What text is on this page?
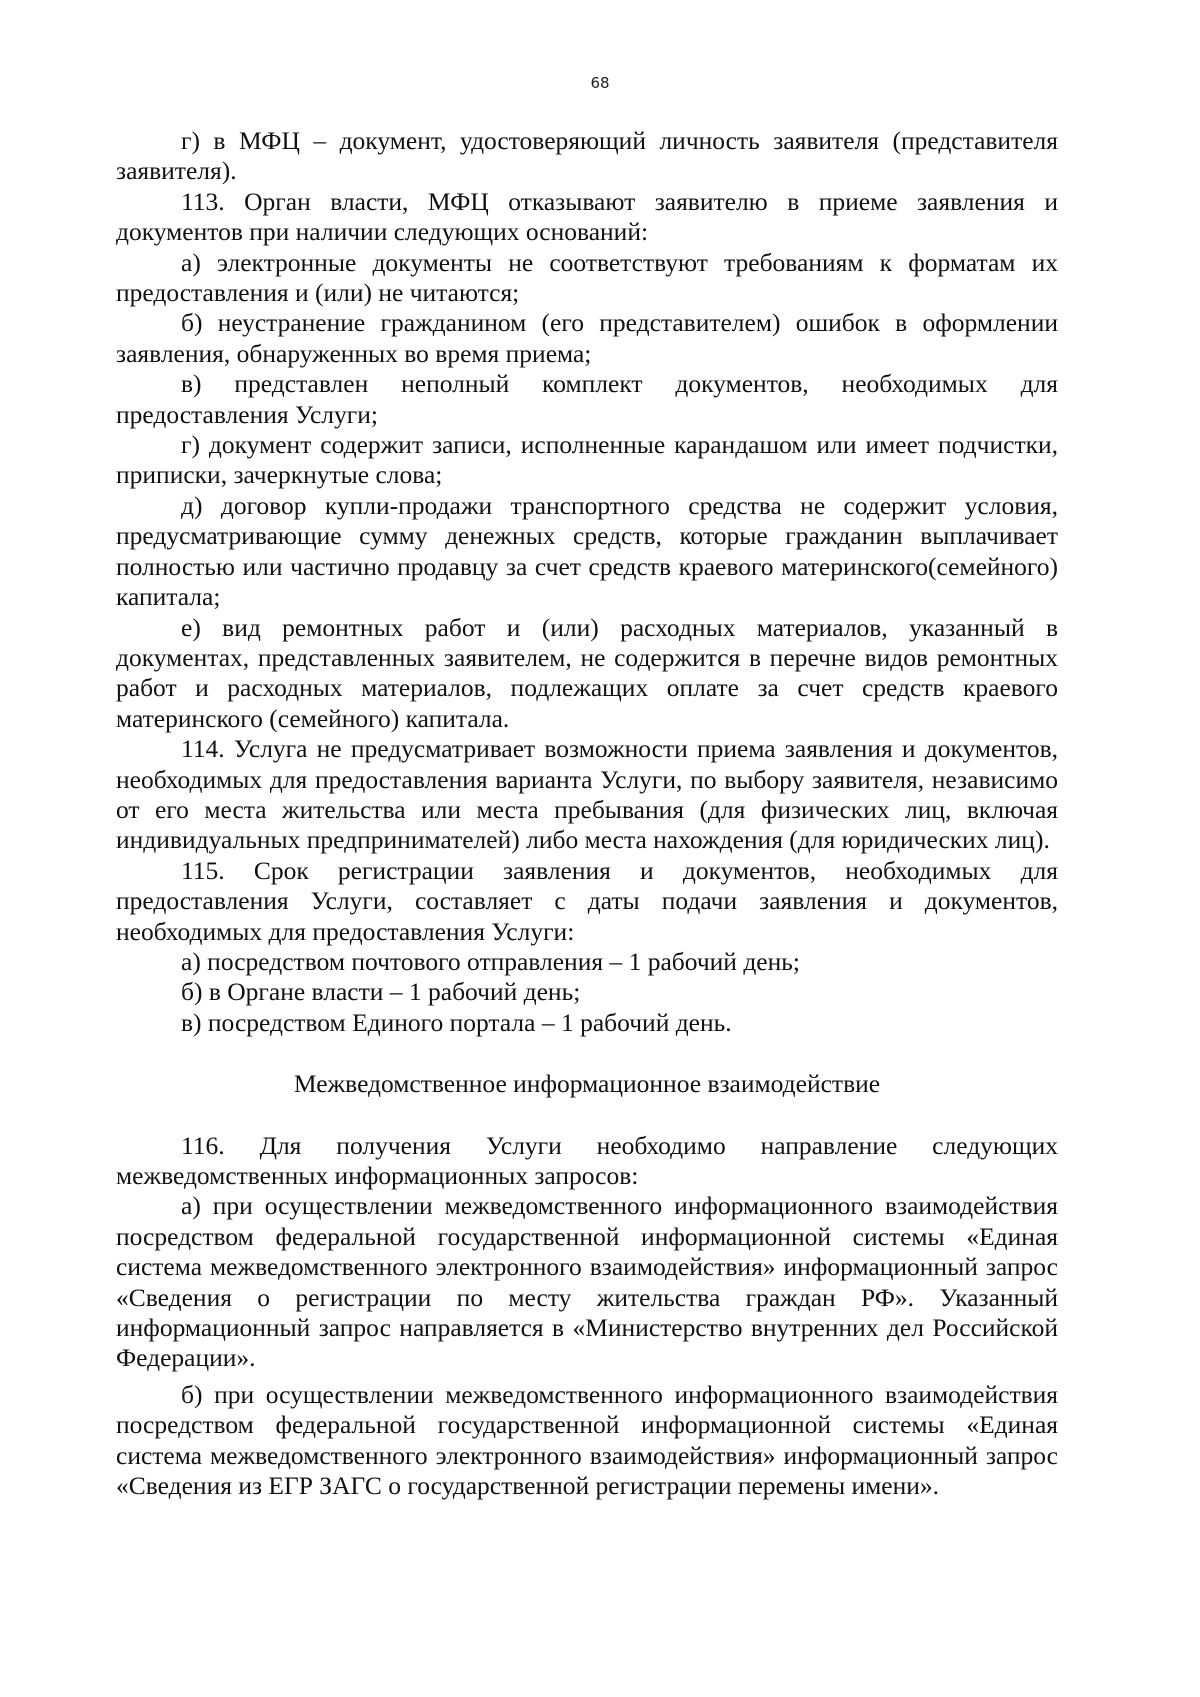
68

г) в МФЦ – документ, удостоверяющий личность заявителя (представителя заявителя).

113. Орган власти, МФЦ отказывают заявителю в приеме заявления и документов при наличии следующих оснований:

а) электронные документы не соответствуют требованиям к форматам их предоставления и (или) не читаются;

б) неустранение гражданином (его представителем) ошибок в оформлении заявления, обнаруженных во время приема;

в) представлен неполный комплект документов, необходимых для предоставления Услуги;

г) документ содержит записи, исполненные карандашом или имеет подчистки, приписки, зачеркнутые слова;

д) договор купли-продажи транспортного средства не содержит условия, предусматривающие сумму денежных средств, которые гражданин выплачивает полностью или частично продавцу за счет средств краевого материнского(семейного) капитала;

е) вид ремонтных работ и (или) расходных материалов, указанный в документах, представленных заявителем, не содержится в перечне видов ремонтных работ и расходных материалов, подлежащих оплате за счет средств краевого материнского (семейного) капитала.

114. Услуга не предусматривает возможности приема заявления и документов, необходимых для предоставления варианта Услуги, по выбору заявителя, независимо от его места жительства или места пребывания (для физических лиц, включая индивидуальных предпринимателей) либо места нахождения (для юридических лиц).

115. Срок регистрации заявления и документов, необходимых для предоставления Услуги, составляет с даты подачи заявления и документов, необходимых для предоставления Услуги:

а) посредством почтового отправления – 1 рабочий день;

б) в Органе власти – 1 рабочий день;

в) посредством Единого портала – 1 рабочий день.

Межведомственное информационное взаимодействие

116. Для получения Услуги необходимо направление следующих межведомственных информационных запросов:

а) при осуществлении межведомственного информационного взаимодействия посредством федеральной государственной информационной системы «Единая система межведомственного электронного взаимодействия» информационный запрос «Сведения о регистрации по месту жительства граждан РФ». Указанный информационный запрос направляется в «Министерство внутренних дел Российской Федерации».

б) при осуществлении межведомственного информационного взаимодействия посредством федеральной государственной информационной системы «Единая система межведомственного электронного взаимодействия» информационный запрос «Сведения из ЕГР ЗАГС о государственной регистрации перемены имени».
